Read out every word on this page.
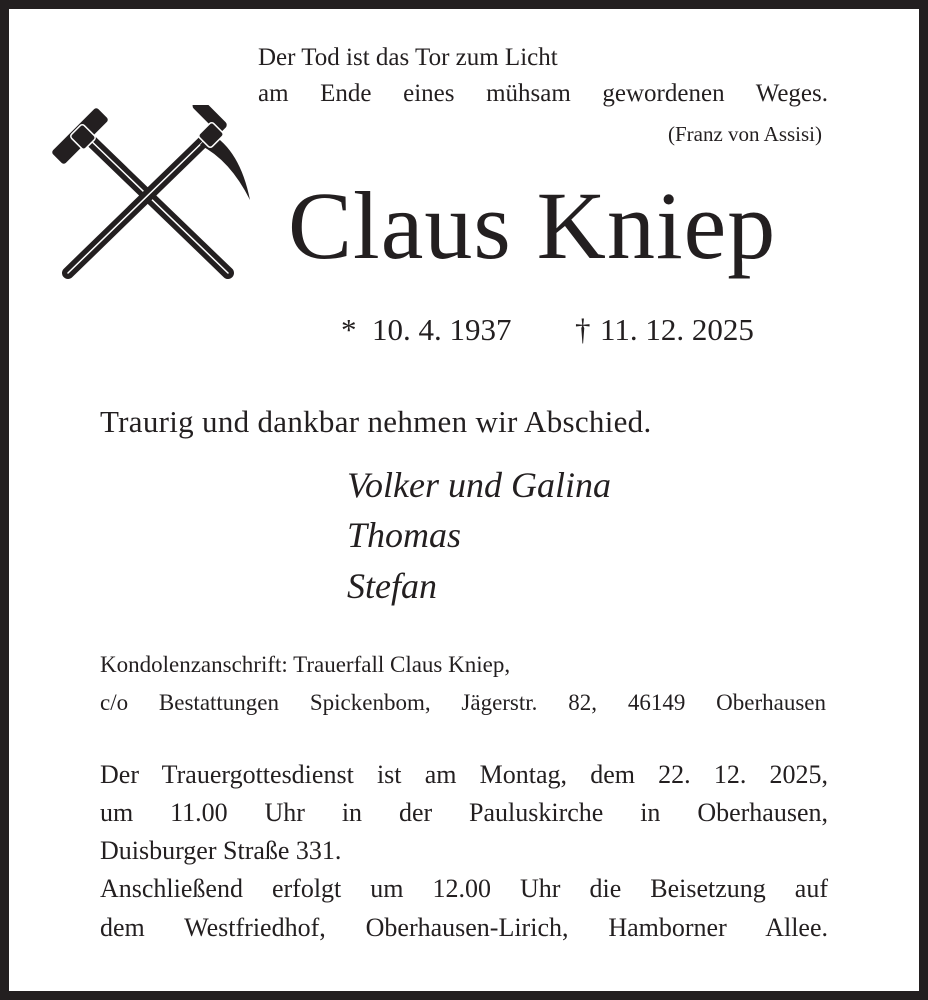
Der Tod ist das Tor zum Licht
am Ende eines mühsam gewordenen Weges.
(Franz von Assisi)
Claus Kniep
* 10. 4. 1937 † 11. 12. 2025
Traurig und dankbar nehmen wir Abschied.
Volker und Galina
Thomas
Stefan
Kondolenzanschrift: Trauerfall Claus Kniep,
c/o Bestattungen Spickenbom, Jägerstr. 82, 46149 Oberhausen
Der Trauergottesdienst ist am Montag, dem 22. 12. 2025,
um 11.00 Uhr in der Pauluskirche in Oberhausen,
Duisburger Straße 331.
Anschließend erfolgt um 12.00 Uhr die Beisetzung auf
dem Westfriedhof, Oberhausen-Lirich, Hamborner Allee.
